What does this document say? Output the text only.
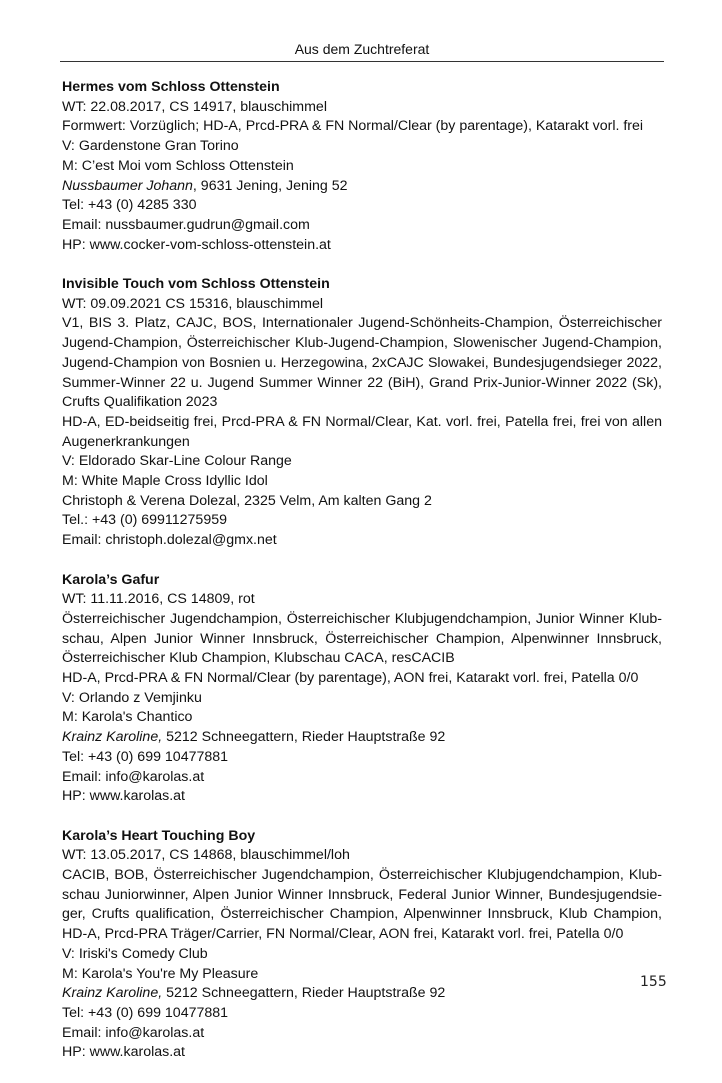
Aus dem Zuchtreferat
Hermes vom Schloss Ottenstein
WT: 22.08.2017, CS 14917, blauschimmel
Formwert: Vorzüglich; HD-A, Prcd-PRA & FN Normal/Clear (by parentage), Katarakt vorl. frei
V: Gardenstone Gran Torino
M: C’est Moi vom Schloss Ottenstein
Nussbaumer Johann, 9631 Jening, Jening 52
Tel: +43 (0) 4285 330
Email: nussbaumer.gudrun@gmail.com
HP: www.cocker-vom-schloss-ottenstein.at
Invisible Touch vom Schloss Ottenstein
WT: 09.09.2021 CS 15316, blauschimmel
V1, BIS 3. Platz, CAJC, BOS, Internationaler Jugend-Schönheits-Champion, Österreichischer Jugend-Champion, Österreichischer Klub-Jugend-Champion, Slowenischer Jugend-Champion, Jugend-Champion von Bosnien u. Herzegowina, 2xCAJC Slowakei, Bundesjugendsieger 2022, Summer-Winner 22 u. Jugend Summer Winner 22 (BiH), Grand Prix-Junior-Winner 2022 (Sk), Crufts Qualifikation 2023
HD-A, ED-beidseitig frei, Prcd-PRA & FN Normal/Clear, Kat. vorl. frei, Patella frei, frei von allen Augenerkrankungen
V: Eldorado Skar-Line Colour Range
M: White Maple Cross Idyllic Idol
Christoph & Verena Dolezal, 2325 Velm, Am kalten Gang 2
Tel.: +43 (0) 69911275959
Email: christoph.dolezal@gmx.net
Karola’s Gafur
WT: 11.11.2016, CS 14809, rot
Österreichischer Jugendchampion, Österreichischer Klubjugendchampion, Junior Winner Klub-schau, Alpen Junior Winner Innsbruck, Österreichischer Champion, Alpenwinner Innsbruck, Österreichischer Klub Champion, Klubschau CACA, resCACIB
HD-A, Prcd-PRA & FN Normal/Clear (by parentage), AON frei, Katarakt vorl. frei, Patella 0/0
V: Orlando z Vemjinku
M: Karola's Chantico
Krainz Karoline, 5212 Schneegattern, Rieder Hauptstraße 92
Tel: +43 (0) 699 10477881
Email: info@karolas.at
HP: www.karolas.at
Karola’s Heart Touching Boy
WT: 13.05.2017, CS 14868, blauschimmel/loh
CACIB, BOB, Österreichischer Jugendchampion, Österreichischer Klubjugendchampion, Klub-schau Juniorwinner, Alpen Junior Winner Innsbruck, Federal Junior Winner, Bundesjugendsie-ger, Crufts qualification, Österreichischer Champion, Alpenwinner Innsbruck, Klub Champion, HD-A, Prcd-PRA Träger/Carrier, FN Normal/Clear, AON frei, Katarakt vorl. frei, Patella 0/0
V: Iriski's Comedy Club
M: Karola's You're My Pleasure
Krainz Karoline, 5212 Schneegattern, Rieder Hauptstraße 92
Tel: +43 (0) 699 10477881
Email: info@karolas.at
HP: www.karolas.at
155
